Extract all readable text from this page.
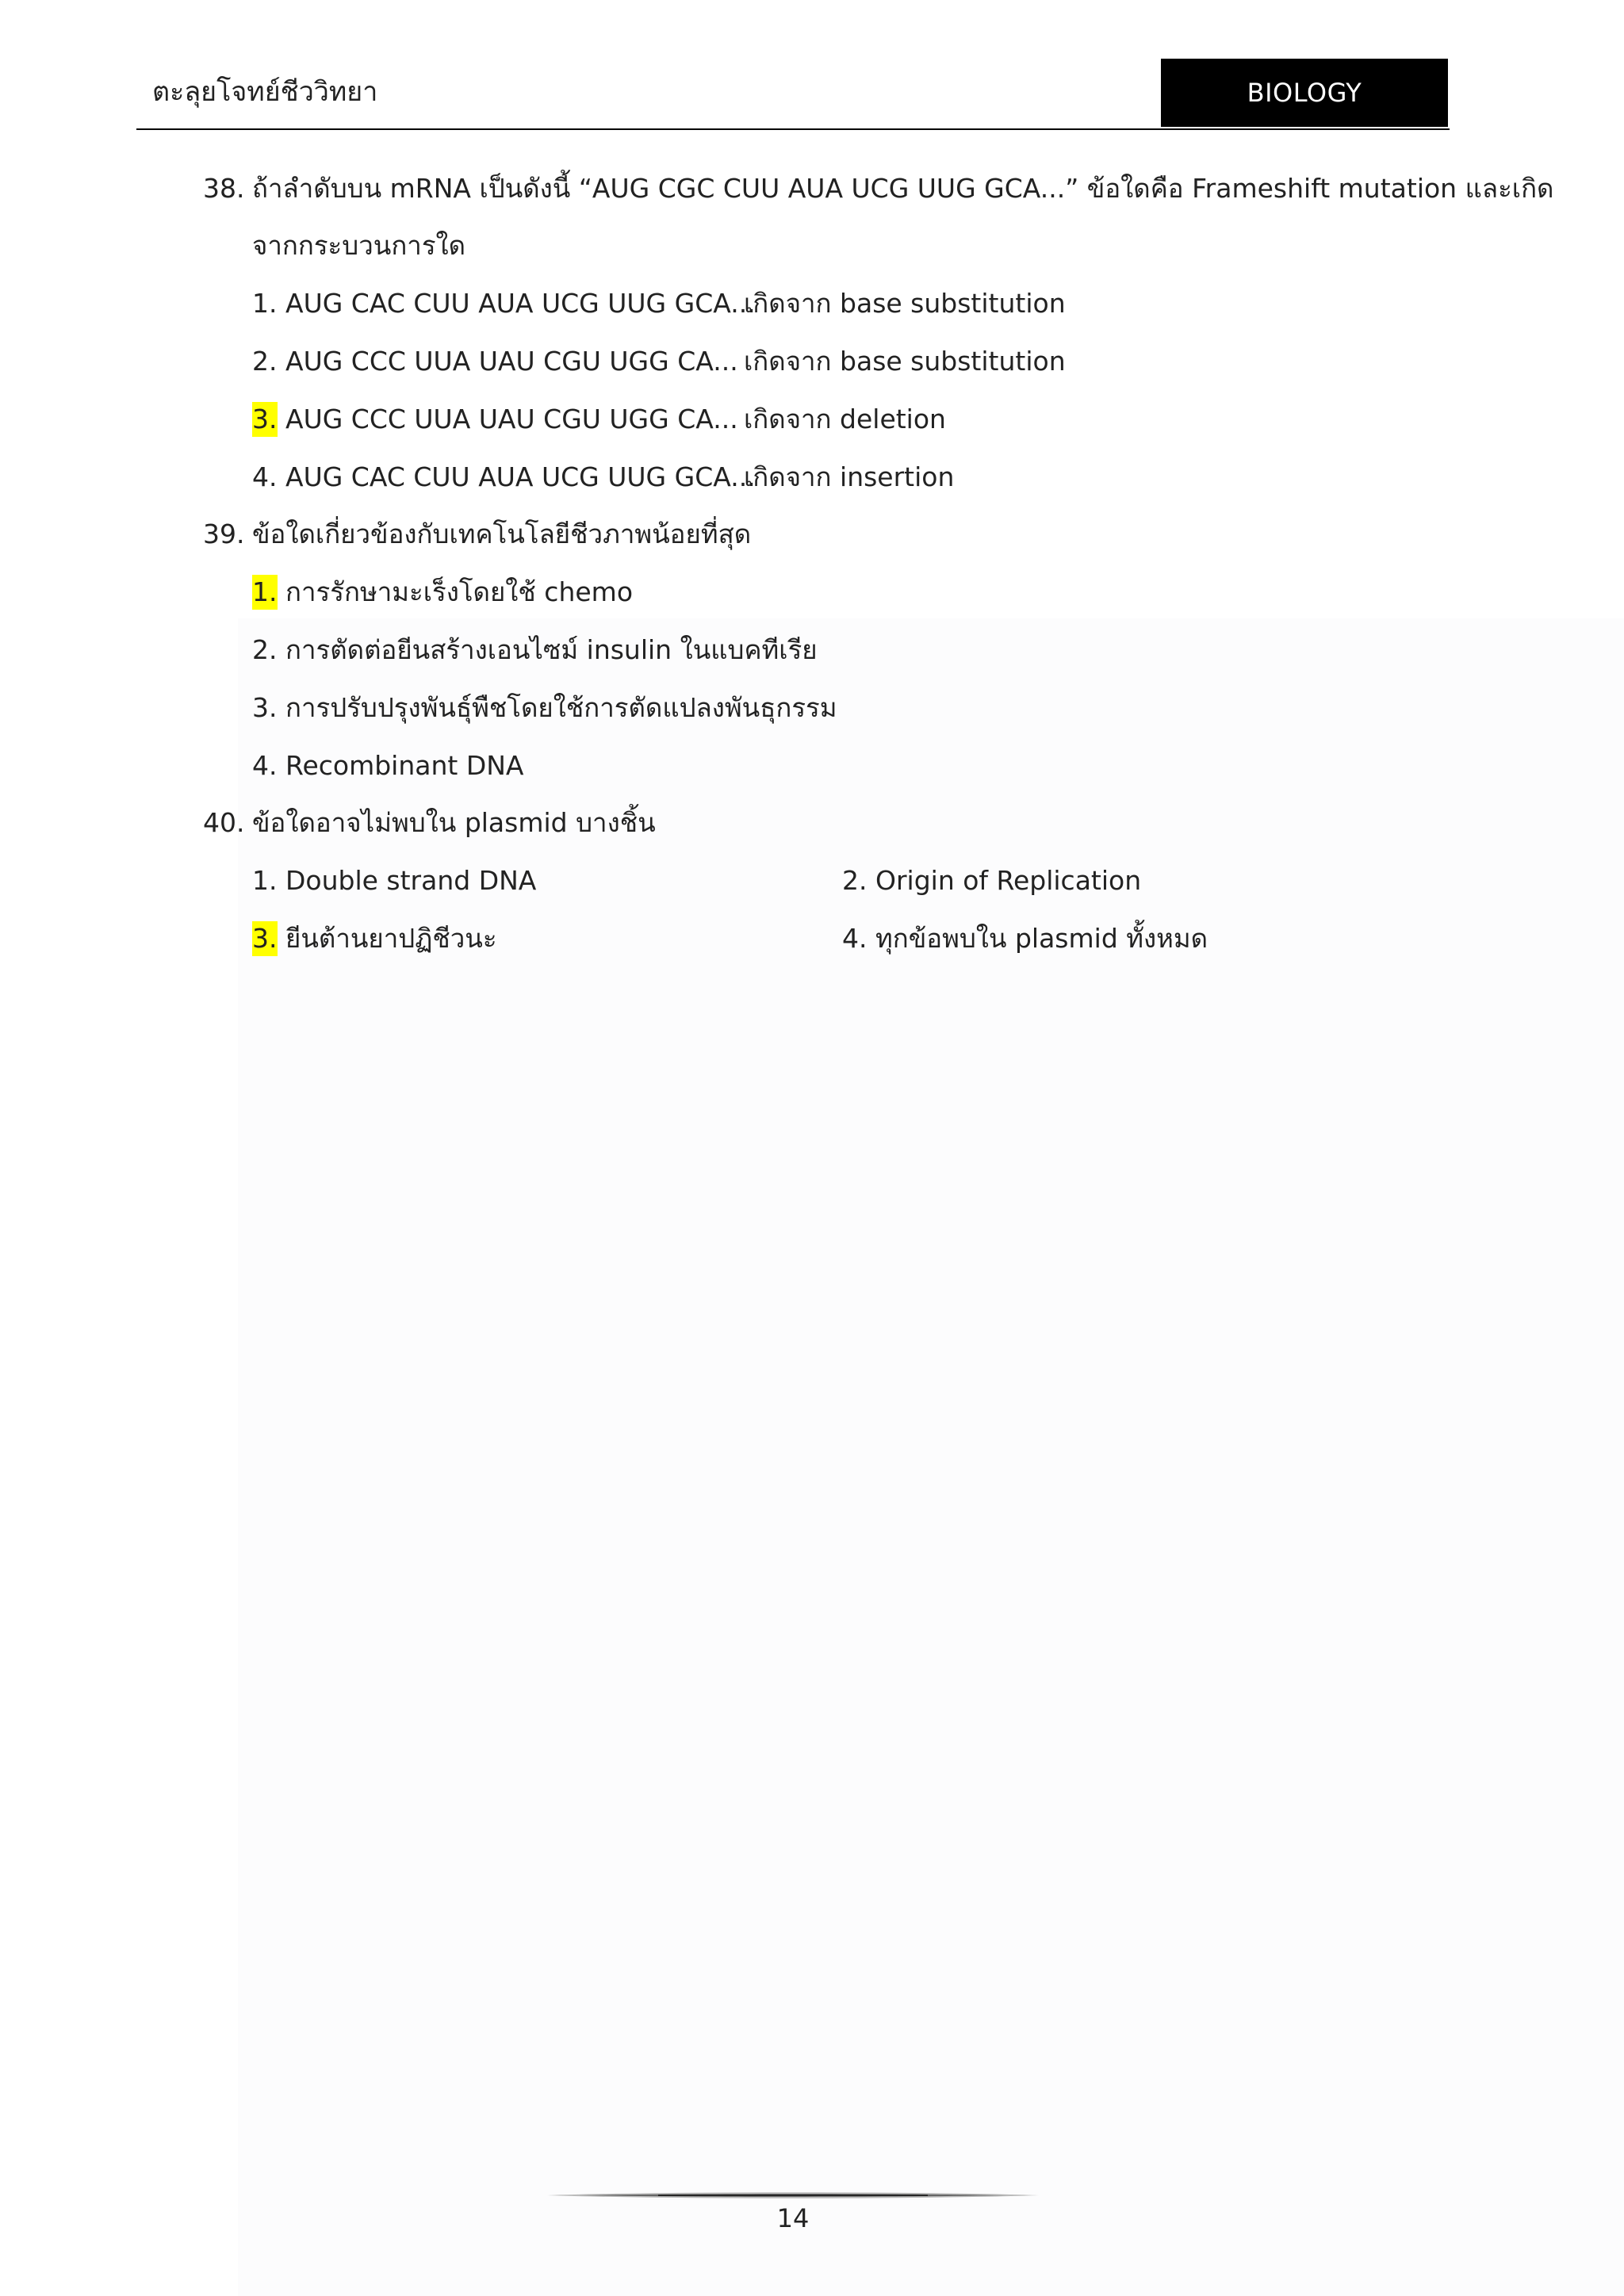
ตะลุยโจทย์ชีววิทยา	BIOLOGY
38. ถ้าลำดับบน mRNA เป็นดังนี้ “AUG CGC CUU AUA UCG UUG GCA...” ข้อใดคือ Frameshift mutation และเกิด
จากกระบวนการใด
1. AUG CAC CUU AUA UCG UUG GCA...
เกิดจาก base substitution
2. AUG CCC UUA UAU CGU UGG CA... เกิดจาก base substitution
3. AUG CCC UUA UAU CGU UGG CA... เกิดจาก deletion
4. AUG CAC CUU AUA UCG UUG GCA...
เกิดจาก insertion
39. ข้อใดเกี่ยวข้องกับเทคโนโลยีชีวภาพน้อยที่สุด
1. การรักษามะเร็งโดยใช้ chemo
2. การตัดต่อยีนสร้างเอนไซม์ insulin ในแบคทีเรีย
3. การปรับปรุงพันธุ์พืชโดยใช้การตัดแปลงพันธุกรรม
4. Recombinant DNA
40. ข้อใดอาจไม่พบใน plasmid บางชิ้น
1. Double strand DNA	2. Origin of Replication
3. ยีนต้านยาปฏิชีวนะ	4. ทุกข้อพบใน plasmid ทั้งหมด
14
